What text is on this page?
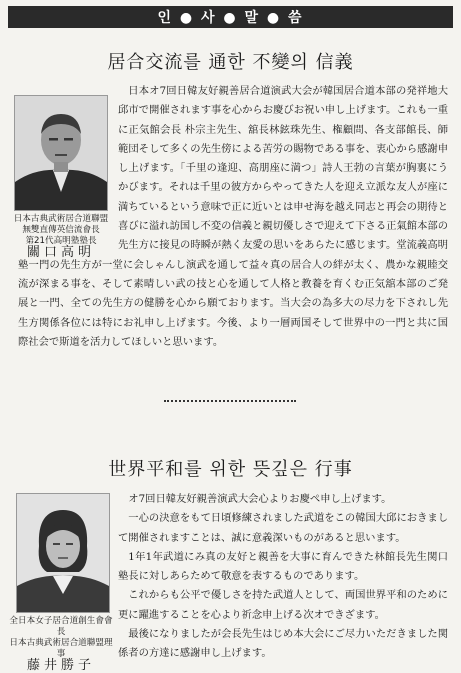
인 ● 사 ● 말 ● 씀
居合交流를 通한 不變의 信義
日本古典武術居合道聯盟
無雙直傳英信流會長
第21代高明塾塾長
關口高明

日本オ7回日韓友好親善居合道演武大会が韓国居合道本部の発祥地大邱市で開催されます事を心からお慶びお祝い申し上げます。これも一重に正気館会長 朴宗主先生、舘長林鉉珠先生、権顧問、各支部館長、師範団そして多くの先生傍による苦労の賜物である事を、衷心から感謝申し上げます。「千里の逢迎、高朋座に満つ」詩人王勃の言葉が胸裏にうかびます。それは千里の彼方からやってきた人を迎え立派な友人が座に満ちているという意味で正に近いとは申せ海を越え同志と再会の期待と喜びに溢れ訪国し不変の信義と親切優しさで迎えて下さる正氣館本部の先生方に接見の時瞬が熱く友愛の思いをあらたに感じます。堂流義高明塾一門の先生方が一堂に会しゃんし演武を通して益々真の居合人の絆が太く、農かな親睦交流が深まる事を、そして素晴しい武の技と心を通して人格と教養を育くむ正気舘本部のご発展と一門、全ての先生方の健勝を心から願ております。当大会の為多大の尽力を下されし先生方関係各位には特にお礼申し上げます。今後、より一層両国そして世界中の一門と共に国際社会で斯道を活力してほしいと思います。

世界平和를 위한 뜻깊은 行事
全日本女子居合道創生會會長
日本古典武術居合道聯盟理事
藤井勝子

オ7回日韓友好親善演武大会心よりお慶ぺ申し上げます。

一心の決意をもて日頃修練されました武道をこの韓国大邱におきまして開催されますことは、誠に意義深いものがあると思います。

1年1年武道にみ真の友好と親善を大事に育んできた林館長先生関口塾長に対しあらためて敬意を表するものであります。

これからも公平で優しさを持た武道人として、両国世界平和のために更に躍進することを心より祈念申上げる次オできざます。

最後になりましたが会長先生はじめ本大会にご尽力いただきました関係者の方達に感謝申し上げます。
